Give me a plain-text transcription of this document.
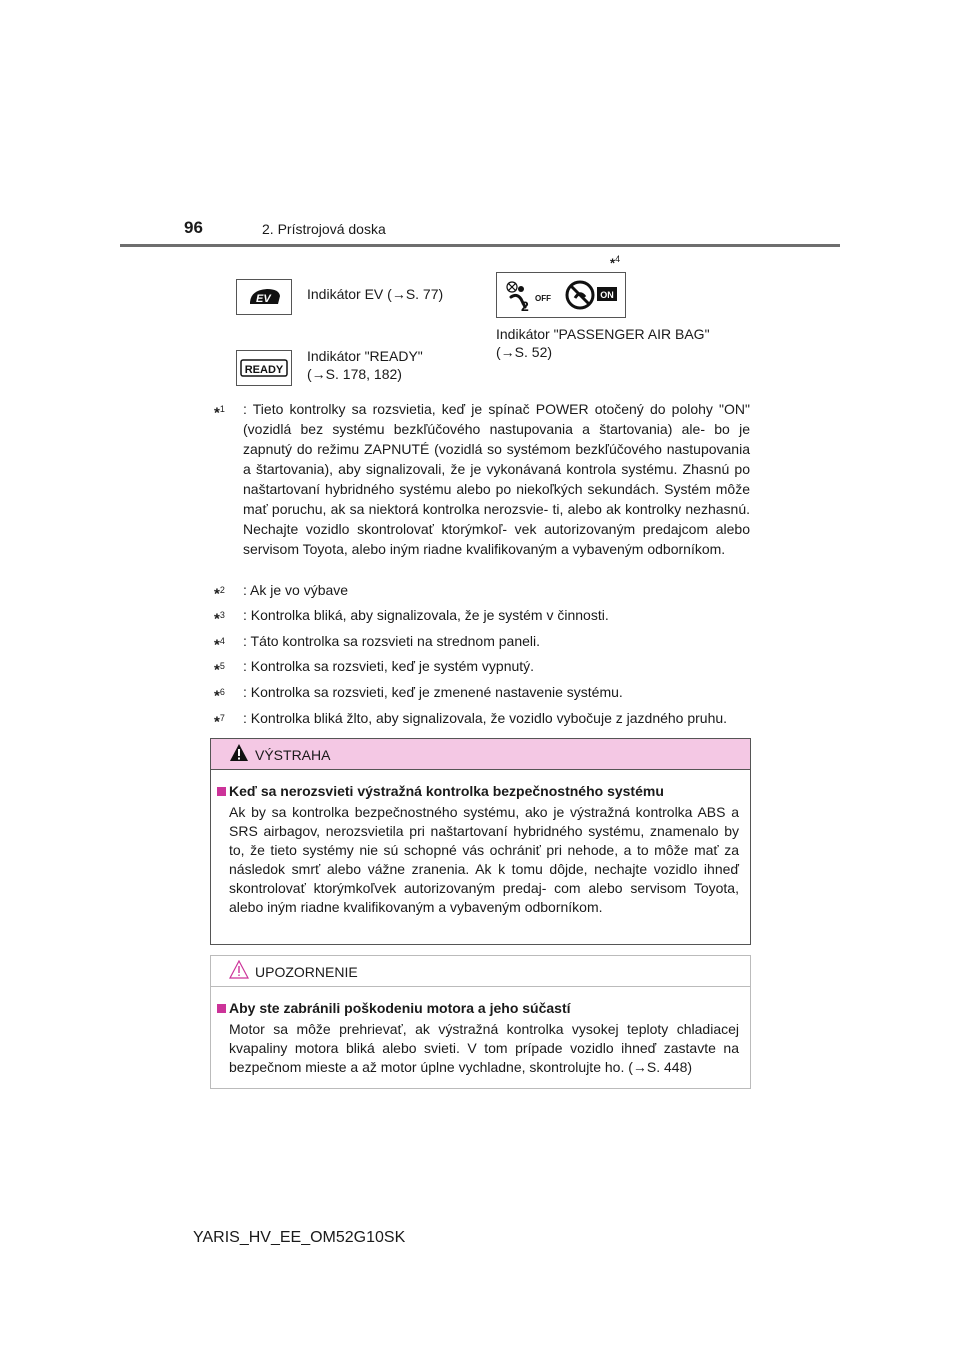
96	2. Prístrojová doska
EV	Indikátor EV (→S. 77)
READY
Indikátor "READY"
(→S. 178, 182)
*$^4$
2 OFF	ON
Indikátor "PASSENGER AIR BAG"
(→S. 52)
*$^1$ : Tieto kontrolky sa rozsvietia, keď je spínač POWER otočený do polohy "ON" (vozidlá bez systému bezkľúčového nastupovania a štartovania) ale- bo je zapnutý do režimu ZAPNUTÉ (vozidlá so systémom bezkľúčového nastupovania a štartovania), aby signalizovali, že je vykonávaná kontrola systému. Zhasnú po naštartovaní hybridného systému alebo po niekoľkých sekundách. Systém môže mať poruchu, ak sa niektorá kontrolka nerozsvie- ti, alebo ak kontrolky nezhasnú. Nechajte vozidlo skontrolovať ktorýmkoľ- vek autorizovaným predajcom alebo servisom Toyota, alebo iným riadne kvalifikovaným a vybaveným odborníkom.
*$^2$ : Ak je vo výbave
*$^3$ : Kontrolka bliká, aby signalizovala, že je systém v činnosti.
*$^4$ : Táto kontrolka sa rozsvieti na strednom paneli.
*$^5$ : Kontrolka sa rozsvieti, keď je systém vypnutý.
*$^6$ : Kontrolka sa rozsvieti, keď je zmenené nastavenie systému.
*$^7$ : Kontrolka bliká žlto, aby signalizovala, že vozidlo vybočuje z jazdného pruhu.
VÝSTRAHA
Keď sa nerozsvieti výstražná kontrolka bezpečnostného systému
Ak by sa kontrolka bezpečnostného systému, ako je výstražná kontrolka ABS a SRS airbagov, nerozsvietila pri naštartovaní hybridného systému, znamenalo by to, že tieto systémy nie sú schopné vás ochrániť pri nehode, a to môže mať za následok smrť alebo vážne zranenia. Ak k tomu dôjde, nechajte vozidlo ihneď skontrolovať ktorýmkoľvek autorizovaným predaj- com alebo servisom Toyota, alebo iným riadne kvalifikovaným a vybaveným odborníkom.
UPOZORNENIE
Aby ste zabránili poškodeniu motora a jeho súčastí
Motor sa môže prehrievať, ak výstražná kontrolka vysokej teploty chladiacej kvapaliny motora bliká alebo svieti. V tom prípade vozidlo ihneď zastavte na bezpečnom mieste a až motor úplne vychladne, skontrolujte ho. (→S. 448)
YARIS_HV_EE_OM52G10SK
